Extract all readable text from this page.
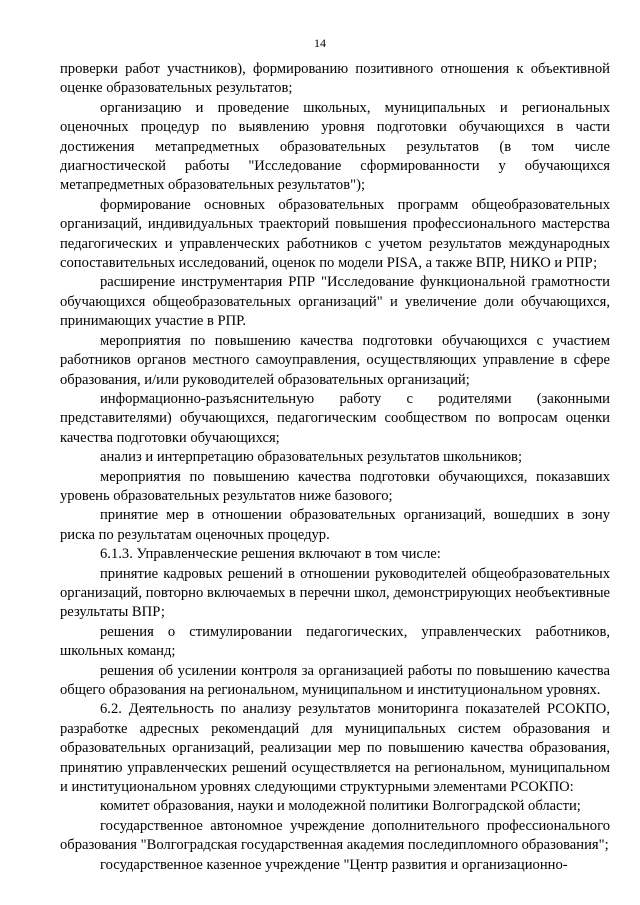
14

проверки работ участников), формированию позитивного отношения к объективной оценке образовательных результатов;

организацию и проведение школьных, муниципальных и региональных оценочных процедур по выявлению уровня подготовки обучающихся в части достижения метапредметных образовательных результатов (в том числе диагностической работы "Исследование сформированности у обучающихся метапредметных образовательных результатов");

формирование основных образовательных программ общеобразовательных организаций, индивидуальных траекторий повышения профессионального мастерства педагогических и управленческих работников с учетом результатов международных сопоставительных исследований, оценок по модели PISA, а также ВПР, НИКО и РПР;

расширение инструментария РПР "Исследование функциональной грамотности обучающихся общеобразовательных организаций" и увеличение доли обучающихся, принимающих участие в РПР.

мероприятия по повышению качества подготовки обучающихся с участием работников органов местного самоуправления, осуществляющих управление в сфере образования, и/или руководителей образовательных организаций;

информационно-разъяснительную работу с родителями (законными представителями) обучающихся, педагогическим сообществом по вопросам оценки качества подготовки обучающихся;

анализ и интерпретацию образовательных результатов школьников;

мероприятия по повышению качества подготовки обучающихся, показавших уровень образовательных результатов ниже базового;

принятие мер в отношении образовательных организаций, вошедших в зону риска по результатам оценочных процедур.

6.1.3. Управленческие решения включают в том числе:

принятие кадровых решений в отношении руководителей общеобразовательных организаций, повторно включаемых в перечни школ, демонстрирующих необъективные результаты ВПР;

решения о стимулировании педагогических, управленческих работников, школьных команд;

решения об усилении контроля за организацией работы по повышению качества общего образования на региональном, муниципальном и институциональном уровнях.

6.2. Деятельность по анализу результатов мониторинга показателей РСОКПО, разработке адресных рекомендаций для муниципальных систем образования и образовательных организаций, реализации мер по повышению качества образования, принятию управленческих решений осуществляется на региональном, муниципальном и институциональном уровнях следующими структурными элементами РСОКПО:

комитет образования, науки и молодежной политики Волгоградской области;

государственное автономное учреждение дополнительного профессионального образования "Волгоградская государственная академия последипломного образования";

государственное казенное учреждение "Центр развития и организационно-
